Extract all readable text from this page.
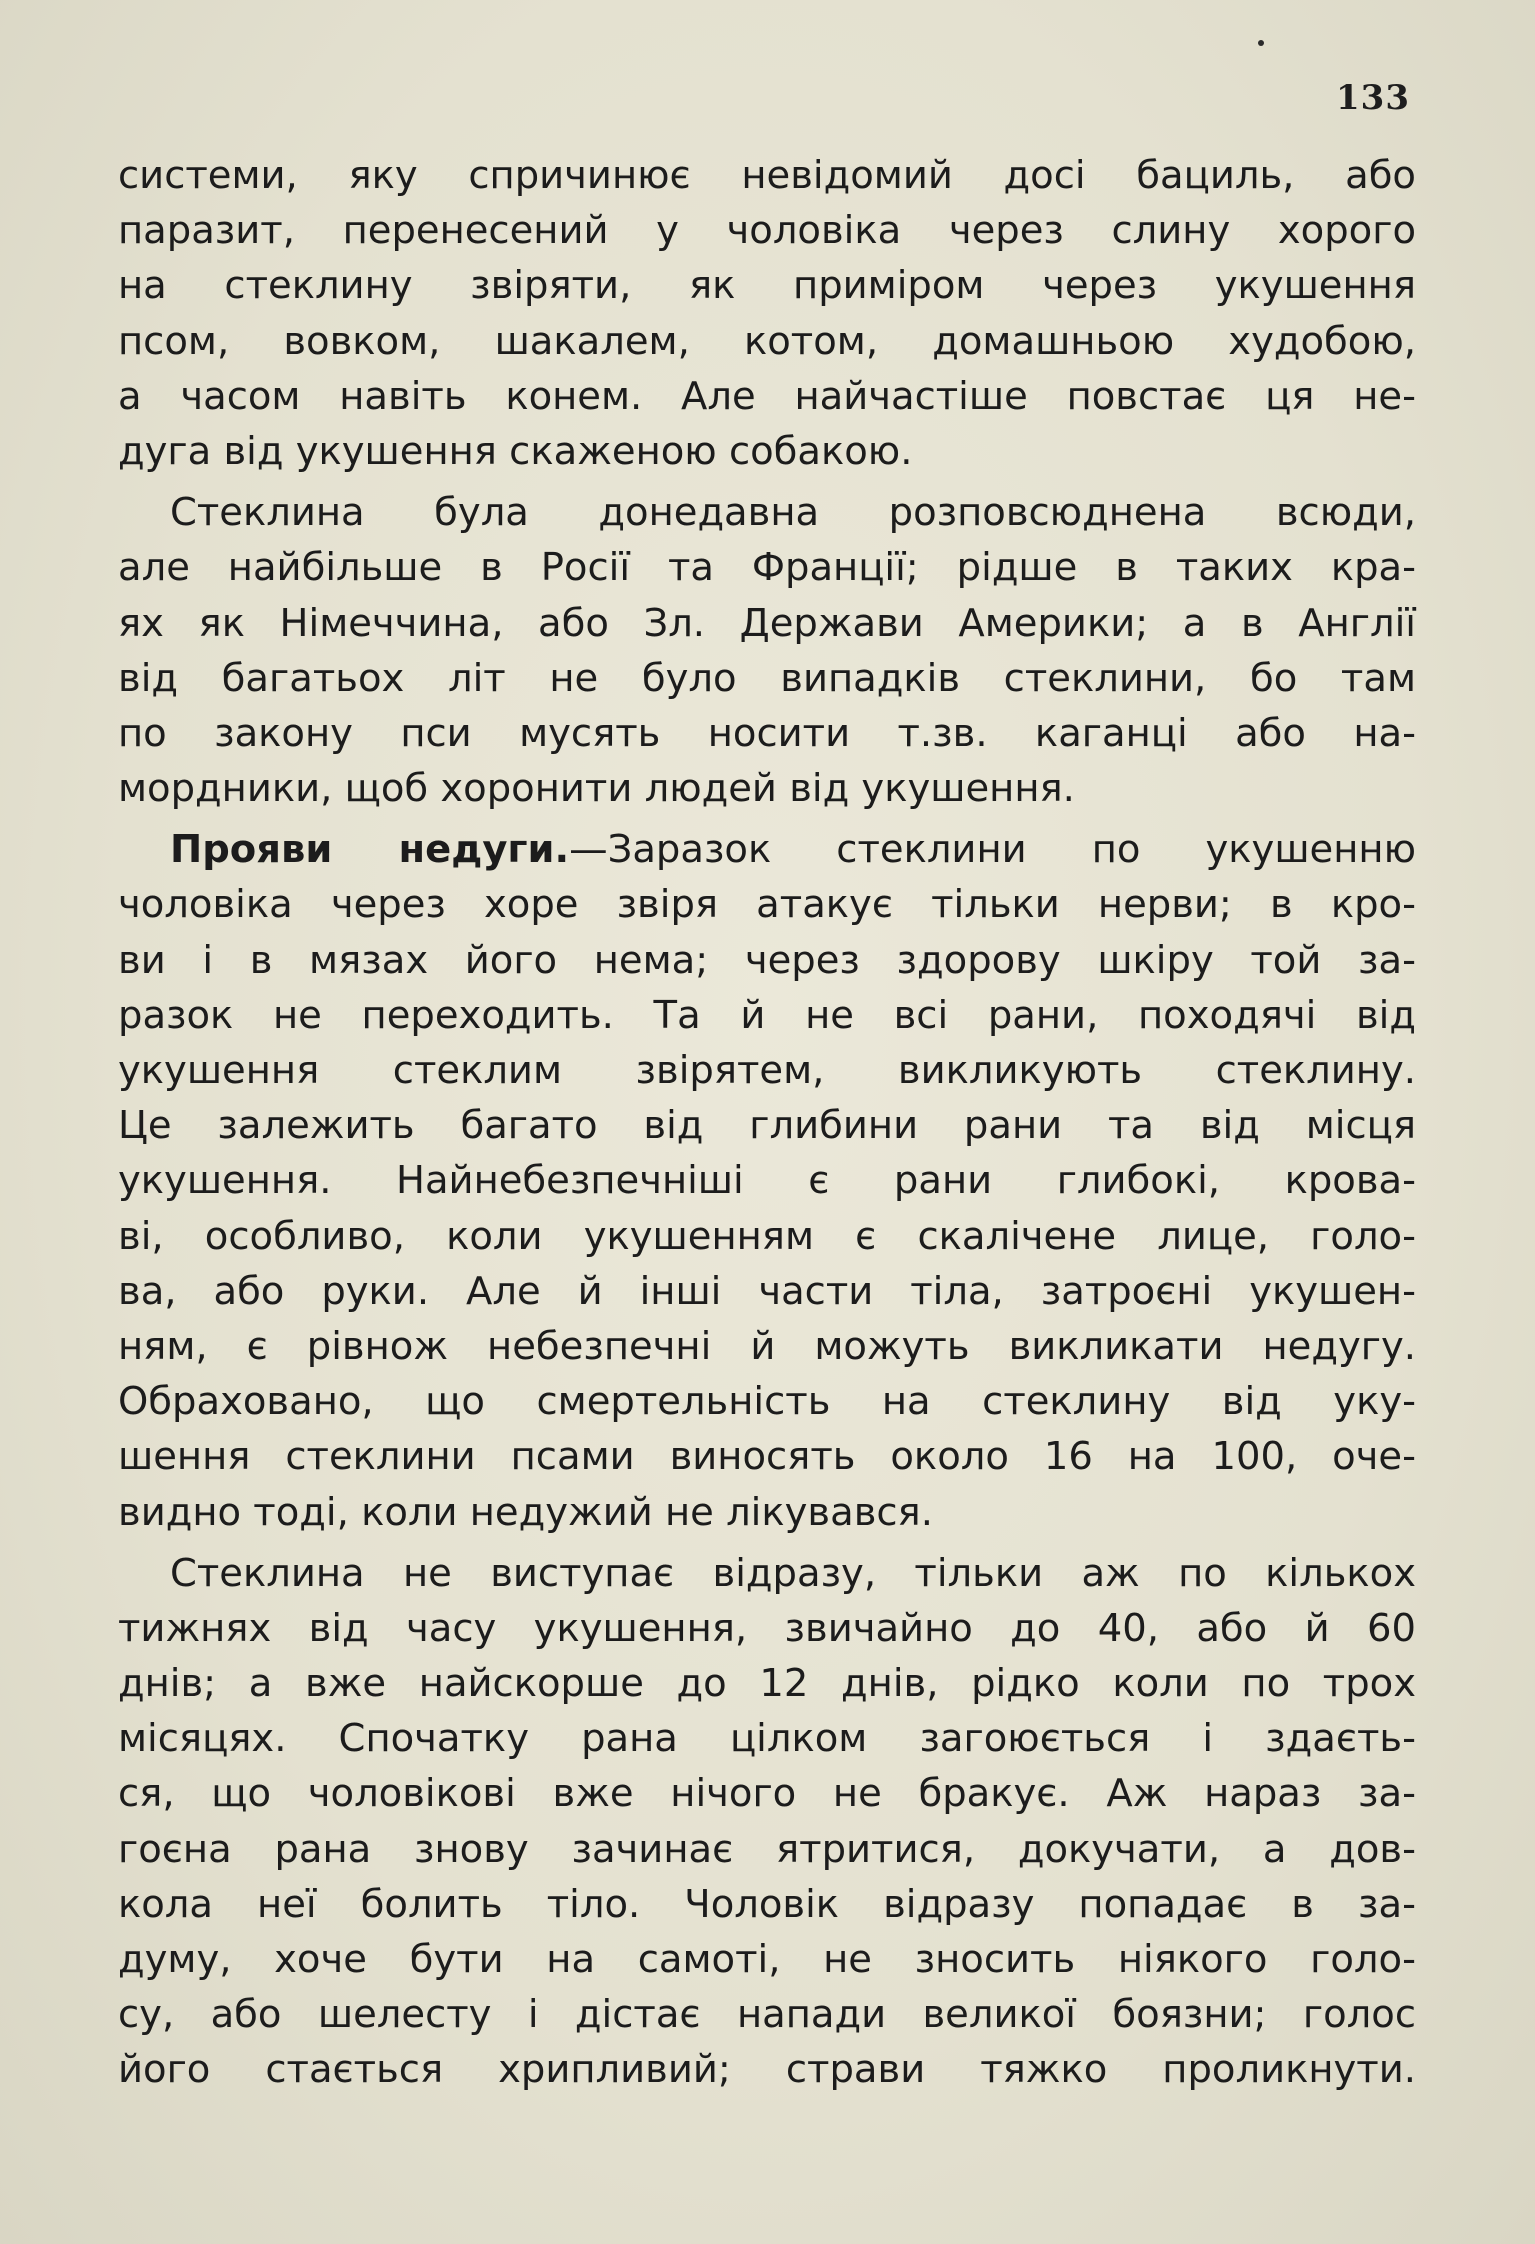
133
системи, яку спричинює невідомий досі бациль, або
паразит, перенесений у чоловіка через слину хорого
на стеклину звіряти, як приміром через укушення
псом, вовком, шакалем, котом, домашньою худобою,
а часом навіть конем. Але найчастіше повстає ця не-
дуга від укушення скаженою собакою.
Стеклина була донедавна розповсюднена всюди,
але найбільше в Росії та Франції; рідше в таких кра-
ях як Німеччина, або Зл. Держави Америки; а в Англії
від багатьох літ не було випадків стеклини, бо там
по закону пси мусять носити т.зв. каганці або на-
мордники, щоб хоронити людей від укушення.
Прояви недуги.—Заразок стеклини по укушенню
чоловіка через хоре звіря атакує тільки нерви; в кро-
ви і в мязах його нема; через здорову шкіру той за-
разок не переходить. Та й не всі рани, походячі від
укушення стеклим звірятем, викликують стеклину.
Це залежить багато від глибини рани та від місця
укушення. Найнебезпечніші є рани глибокі, крова-
ві, особливо, коли укушенням є скалічене лице, голо-
ва, або руки. Але й інші части тіла, затроєні укушен-
ням, є рівнож небезпечні й можуть викликати недугу.
Обраховано, що смертельність на стеклину від уку-
шення стеклини псами виносять около 16 на 100, оче-
видно тоді, коли недужий не лікувався.
Стеклина не виступає відразу, тільки аж по кількох
тижнях від часу укушення, звичайно до 40, або й 60
днів; а вже найскорше до 12 днів, рідко коли по трох
місяцях. Спочатку рана цілком загоюється і здаєть-
ся, що чоловікові вже нічого не бракує. Аж нараз за-
гоєна рана знову зачинає ятритися, докучати, а дов-
кола неї болить тіло. Чоловік відразу попадає в за-
думу, хоче бути на самоті, не зносить ніякого голо-
су, або шелесту і дістає напади великої боязни; голос
його стається хрипливий; страви тяжко проликнути.
